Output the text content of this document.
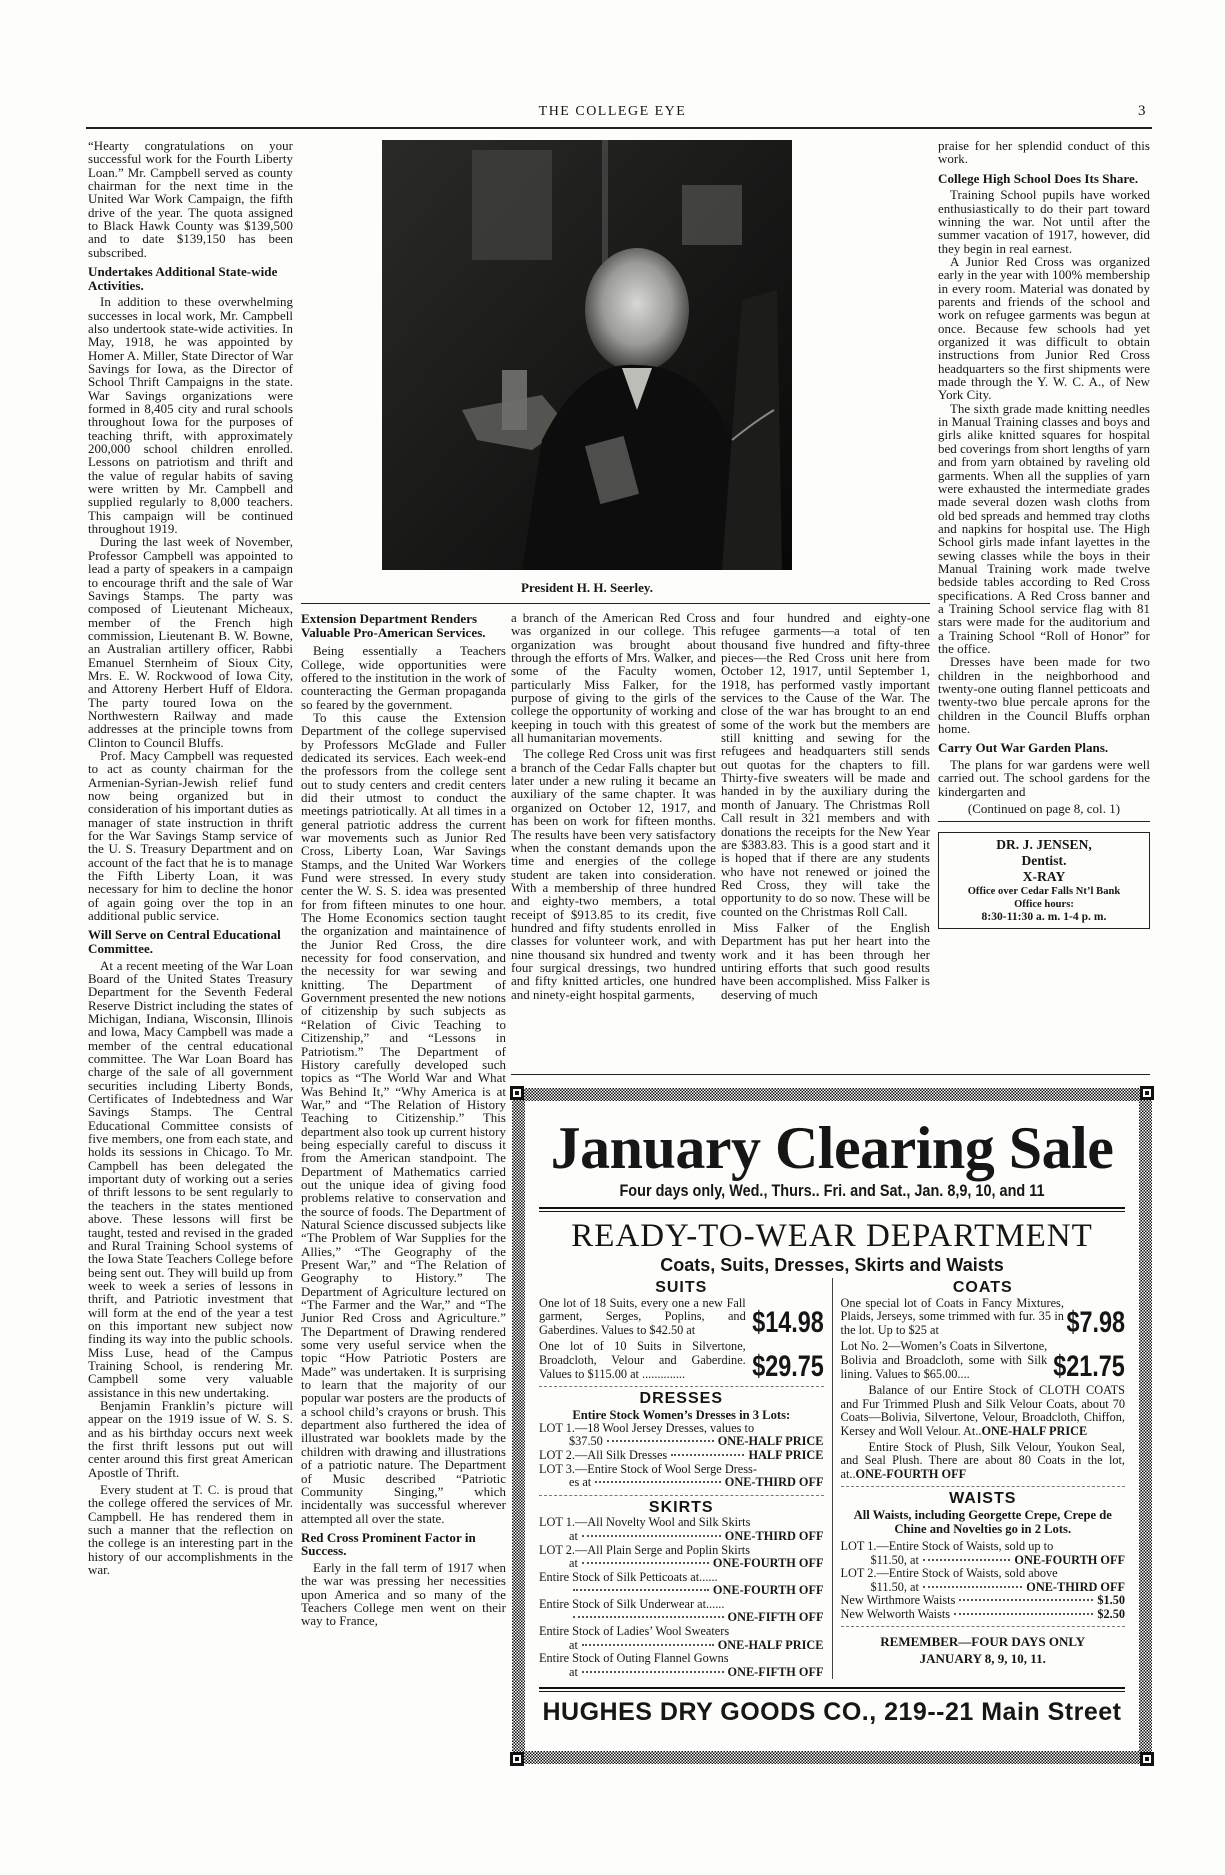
THE COLLEGE EYE	3

“Hearty congratulations on your successful work for the Fourth Liberty Loan.” Mr. Campbell served as county chairman for the next time in the United War Work Campaign, the fifth drive of the year. The quota assigned to Black Hawk County was $139,500 and to date $139,150 has been subscribed.

Undertakes Additional State-wide Activities.

In addition to these overwhelming successes in local work, Mr. Campbell also undertook state-wide activities. In May, 1918, he was appointed by Homer A. Miller, State Director of War Savings for Iowa, as the Director of School Thrift Campaigns in the state. War Savings organizations were formed in 8,405 city and rural schools throughout Iowa for the purposes of teaching thrift, with approximately 200,000 school children enrolled. Lessons on patriotism and thrift and the value of regular habits of saving were written by Mr. Campbell and supplied regularly to 8,000 teachers. This campaign will be continued throughout 1919.

During the last week of November, Professor Campbell was appointed to lead a party of speakers in a campaign to encourage thrift and the sale of War Savings Stamps. The party was composed of Lieutenant Micheaux, member of the French high commission, Lieutenant B. W. Bowne, an Australian artillery officer, Rabbi Emanuel Sternheim of Sioux City, Mrs. E. W. Rockwood of Iowa City, and Attoreny Herbert Huff of Eldora. The party toured Iowa on the Northwestern Railway and made addresses at the principle towns from Clinton to Council Bluffs.

Prof. Macy Campbell was requested to act as county chairman for the Armenian-Syrian-Jewish relief fund now being organized but in consideration of his important duties as manager of state instruction in thrift for the War Savings Stamp service of the U. S. Treasury Department and on account of the fact that he is to manage the Fifth Liberty Loan, it was necessary for him to decline the honor of again going over the top in an additional public service.

Will Serve on Central Educational Committee.

At a recent meeting of the War Loan Board of the United States Treasury Department for the Seventh Federal Reserve District including the states of Michigan, Indiana, Wisconsin, Illinois and Iowa, Macy Campbell was made a member of the central educational committee. The War Loan Board has charge of the sale of all government securities including Liberty Bonds, Certificates of Indebtedness and War Savings Stamps. The Central Educational Committee consists of five members, one from each state, and holds its sessions in Chicago. To Mr. Campbell has been delegated the important duty of working out a series of thrift lessons to be sent regularly to the teachers in the states mentioned above. These lessons will first be taught, tested and revised in the graded and Rural Training School systems of the Iowa State Teachers College before being sent out. They will build up from week to week a series of lessons in thrift, and Patriotic investment that will form at the end of the year a test on this important new subject now finding its way into the public schools. Miss Luse, head of the Campus Training School, is rendering Mr. Campbell some very valuable assistance in this new undertaking.

Benjamin Franklin’s picture will appear on the 1919 issue of W. S. S. and as his birthday occurs next week the first thrift lessons put out will center around this first great American Apostle of Thrift.

Every student at T. C. is proud that the college offered the services of Mr. Campbell. He has rendered them in such a manner that the reflection on the college is an interesting part in the history of our accomplishments in the war.

President H. H. Seerley.
Extension Department Renders Valuable Pro-American Services.

Being essentially a Teachers College, wide opportunities were offered to the institution in the work of counteracting the German propaganda so feared by the government.

To this cause the Extension Department of the college supervised by Professors McGlade and Fuller dedicated its services. Each week-end the professors from the college sent out to study centers and credit centers did their utmost to conduct the meetings patriotically. At all times in a general patriotic address the current war movements such as Junior Red Cross, Liberty Loan, War Savings Stamps, and the United War Workers Fund were stressed. In every study center the W. S. S. idea was presented for from fifteen minutes to one hour. The Home Economics section taught the organization and maintainence of the Junior Red Cross, the dire necessity for food conservation, and the necessity for war sewing and knitting. The Department of Government presented the new notions of citizenship by such subjects as “Relation of Civic Teaching to Citizenship,” and “Lessons in Patriotism.” The Department of History carefully developed such topics as “The World War and What Was Behind It,” “Why America is at War,” and “The Relation of History Teaching to Citizenship.” This department also took up current history being especially careful to discuss it from the American standpoint. The Department of Mathematics carried out the unique idea of giving food problems relative to conservation and the source of foods. The Department of Natural Science discussed subjects like “The Problem of War Supplies for the Allies,” “The Geography of the Present War,” and “The Relation of Geography to History.” The Department of Agriculture lectured on “The Farmer and the War,” and “The Junior Red Cross and Agriculture.” The Department of Drawing rendered some very useful service when the topic “How Patriotic Posters are Made” was undertaken. It is surprising to learn that the majority of our popular war posters are the products of a school child’s crayons or brush. This department also furthered the idea of illustrated war booklets made by the children with drawing and illustrations of a patriotic nature. The Department of Music described “Patriotic Community Singing,” which incidentally was successful wherever attempted all over the state.

Red Cross Prominent Factor in Success.

Early in the fall term of 1917 when the war was pressing her necessities upon America and so many of the Teachers College men went on their way to France,

a branch of the American Red Cross was organized in our college. This organization was brought about through the efforts of Mrs. Walker, and some of the Faculty women, particularly Miss Falker, for the purpose of giving to the girls of the college the opportunity of working and keeping in touch with this greatest of all humanitarian movements.

The college Red Cross unit was first a branch of the Cedar Falls chapter but later under a new ruling it became an auxiliary of the same chapter. It was organized on October 12, 1917, and has been on work for fifteen months. The results have been very satisfactory when the constant demands upon the time and energies of the college student are taken into consideration. With a membership of three hundred and eighty-two members, a total receipt of $913.85 to its credit, five hundred and fifty students enrolled in classes for volunteer work, and with nine thousand six hundred and twenty four surgical dressings, two hundred and fifty knitted articles, one hundred and ninety-eight hospital garments,

and four hundred and eighty-one refugee garments—a total of ten thousand five hundred and fifty-three pieces—the Red Cross unit here from October 12, 1917, until September 1, 1918, has performed vastly important services to the Cause of the War. The close of the war has brought to an end some of the work but the members are still knitting and sewing for the refugees and headquarters still sends out quotas for the chapters to fill. Thirty-five sweaters will be made and handed in by the auxiliary during the month of January. The Christmas Roll Call result in 321 members and with donations the receipts for the New Year are $383.83. This is a good start and it is hoped that if there are any students who have not renewed or joined the Red Cross, they will take the opportunity to do so now. These will be counted on the Christmas Roll Call.

Miss Falker of the English Department has put her heart into the work and it has been through her untiring efforts that such good results have been accomplished. Miss Falker is deserving of much

praise for her splendid conduct of this work.

College High School Does Its Share.

Training School pupils have worked enthusiastically to do their part toward winning the war. Not until after the summer vacation of 1917, however, did they begin in real earnest.

A Junior Red Cross was organized early in the year with 100% membership in every room. Material was donated by parents and friends of the school and work on refugee garments was begun at once. Because few schools had yet organized it was difficult to obtain instructions from Junior Red Cross headquarters so the first shipments were made through the Y. W. C. A., of New York City.

The sixth grade made knitting needles in Manual Training classes and boys and girls alike knitted squares for hospital bed coverings from short lengths of yarn and from yarn obtained by raveling old garments. When all the supplies of yarn were exhausted the intermediate grades made several dozen wash cloths from old bed spreads and hemmed tray cloths and napkins for hospital use. The High School girls made infant layettes in the sewing classes while the boys in their Manual Training work made twelve bedside tables according to Red Cross specifications. A Red Cross banner and a Training School service flag with 81 stars were made for the auditorium and a Training School “Roll of Honor” for the office.

Dresses have been made for two children in the neighborhood and twenty-one outing flannel petticoats and twenty-two blue percale aprons for the children in the Council Bluffs orphan home.

Carry Out War Garden Plans.

The plans for war gardens were well carried out. The school gardens for the kindergarten and

(Continued on page 8, col. 1)
DR. J. JENSEN,
Dentist.
X-RAY
Office over Cedar Falls Nt’l Bank
Office hours:
8:30-11:30 a. m. 1-4 p. m.
January Clearing Sale
Four days only, Wed., Thurs.. Fri. and Sat., Jan. 8,9, 10, and 11
READY-TO-WEAR DEPARTMENT
Coats, Suits, Dresses, Skirts and Waists
SUITS
One lot of 18 Suits, every one a new Fall garment, Serges, Poplins, and Gaberdines. Values to $42.50 at	$14.98
One lot of 10 Suits in Silvertone, Broadcloth, Velour and Gaberdine. Values to $115.00 at ..............	$29.75
DRESSES
Entire Stock Women’s Dresses in 3 Lots:
LOT 1.—18 Wool Jersey Dresses, values to
$37.50	ONE-HALF PRICE
LOT 2.—All Silk Dresses	HALF PRICE
LOT 3.—Entire Stock of Wool Serge Dress-
es at	ONE-THIRD OFF
SKIRTS
LOT 1.—All Novelty Wool and Silk Skirts
at	ONE-THIRD OFF
LOT 2.—All Plain Serge and Poplin Skirts
at	ONE-FOURTH OFF
Entire Stock of Silk Petticoats at......
ONE-FOURTH OFF
Entire Stock of Silk Underwear at......
ONE-FIFTH OFF
Entire Stock of Ladies’ Wool Sweaters
at	ONE-HALF PRICE
Entire Stock of Outing Flannel Gowns
at	ONE-FIFTH OFF
COATS
One special lot of Coats in Fancy Mixtures, Plaids, Jerseys, some trimmed with fur. 35 in the lot. Up to $25 at	$7.98
Lot No. 2—Women’s Coats in Silvertone, Bolivia and Broadcloth, some with Silk lining. Values to $65.00....	$21.75
Balance of our Entire Stock of CLOTH COATS and Fur Trimmed Plush and Silk Velour Coats, about 70 Coats—Bolivia, Silvertone, Velour, Broadcloth, Chiffon, Kersey and Woll Velour. At..ONE-HALF PRICE
Entire Stock of Plush, Silk Velour, Youkon Seal, and Seal Plush. There are about 80 Coats in the lot, at..ONE-FOURTH OFF
WAISTS
All Waists, including Georgette Crepe, Crepe de Chine and Novelties go in 2 Lots.
LOT 1.—Entire Stock of Waists, sold up to
$11.50, at	ONE-FOURTH OFF
LOT 2.—Entire Stock of Waists, sold above
$11.50, at	ONE-THIRD OFF
New Wirthmore Waists	$1.50
New Welworth Waists	$2.50
REMEMBER—FOUR DAYS ONLY
JANUARY 8, 9, 10, 11.
HUGHES DRY GOODS CO., 219--21 Main Street
